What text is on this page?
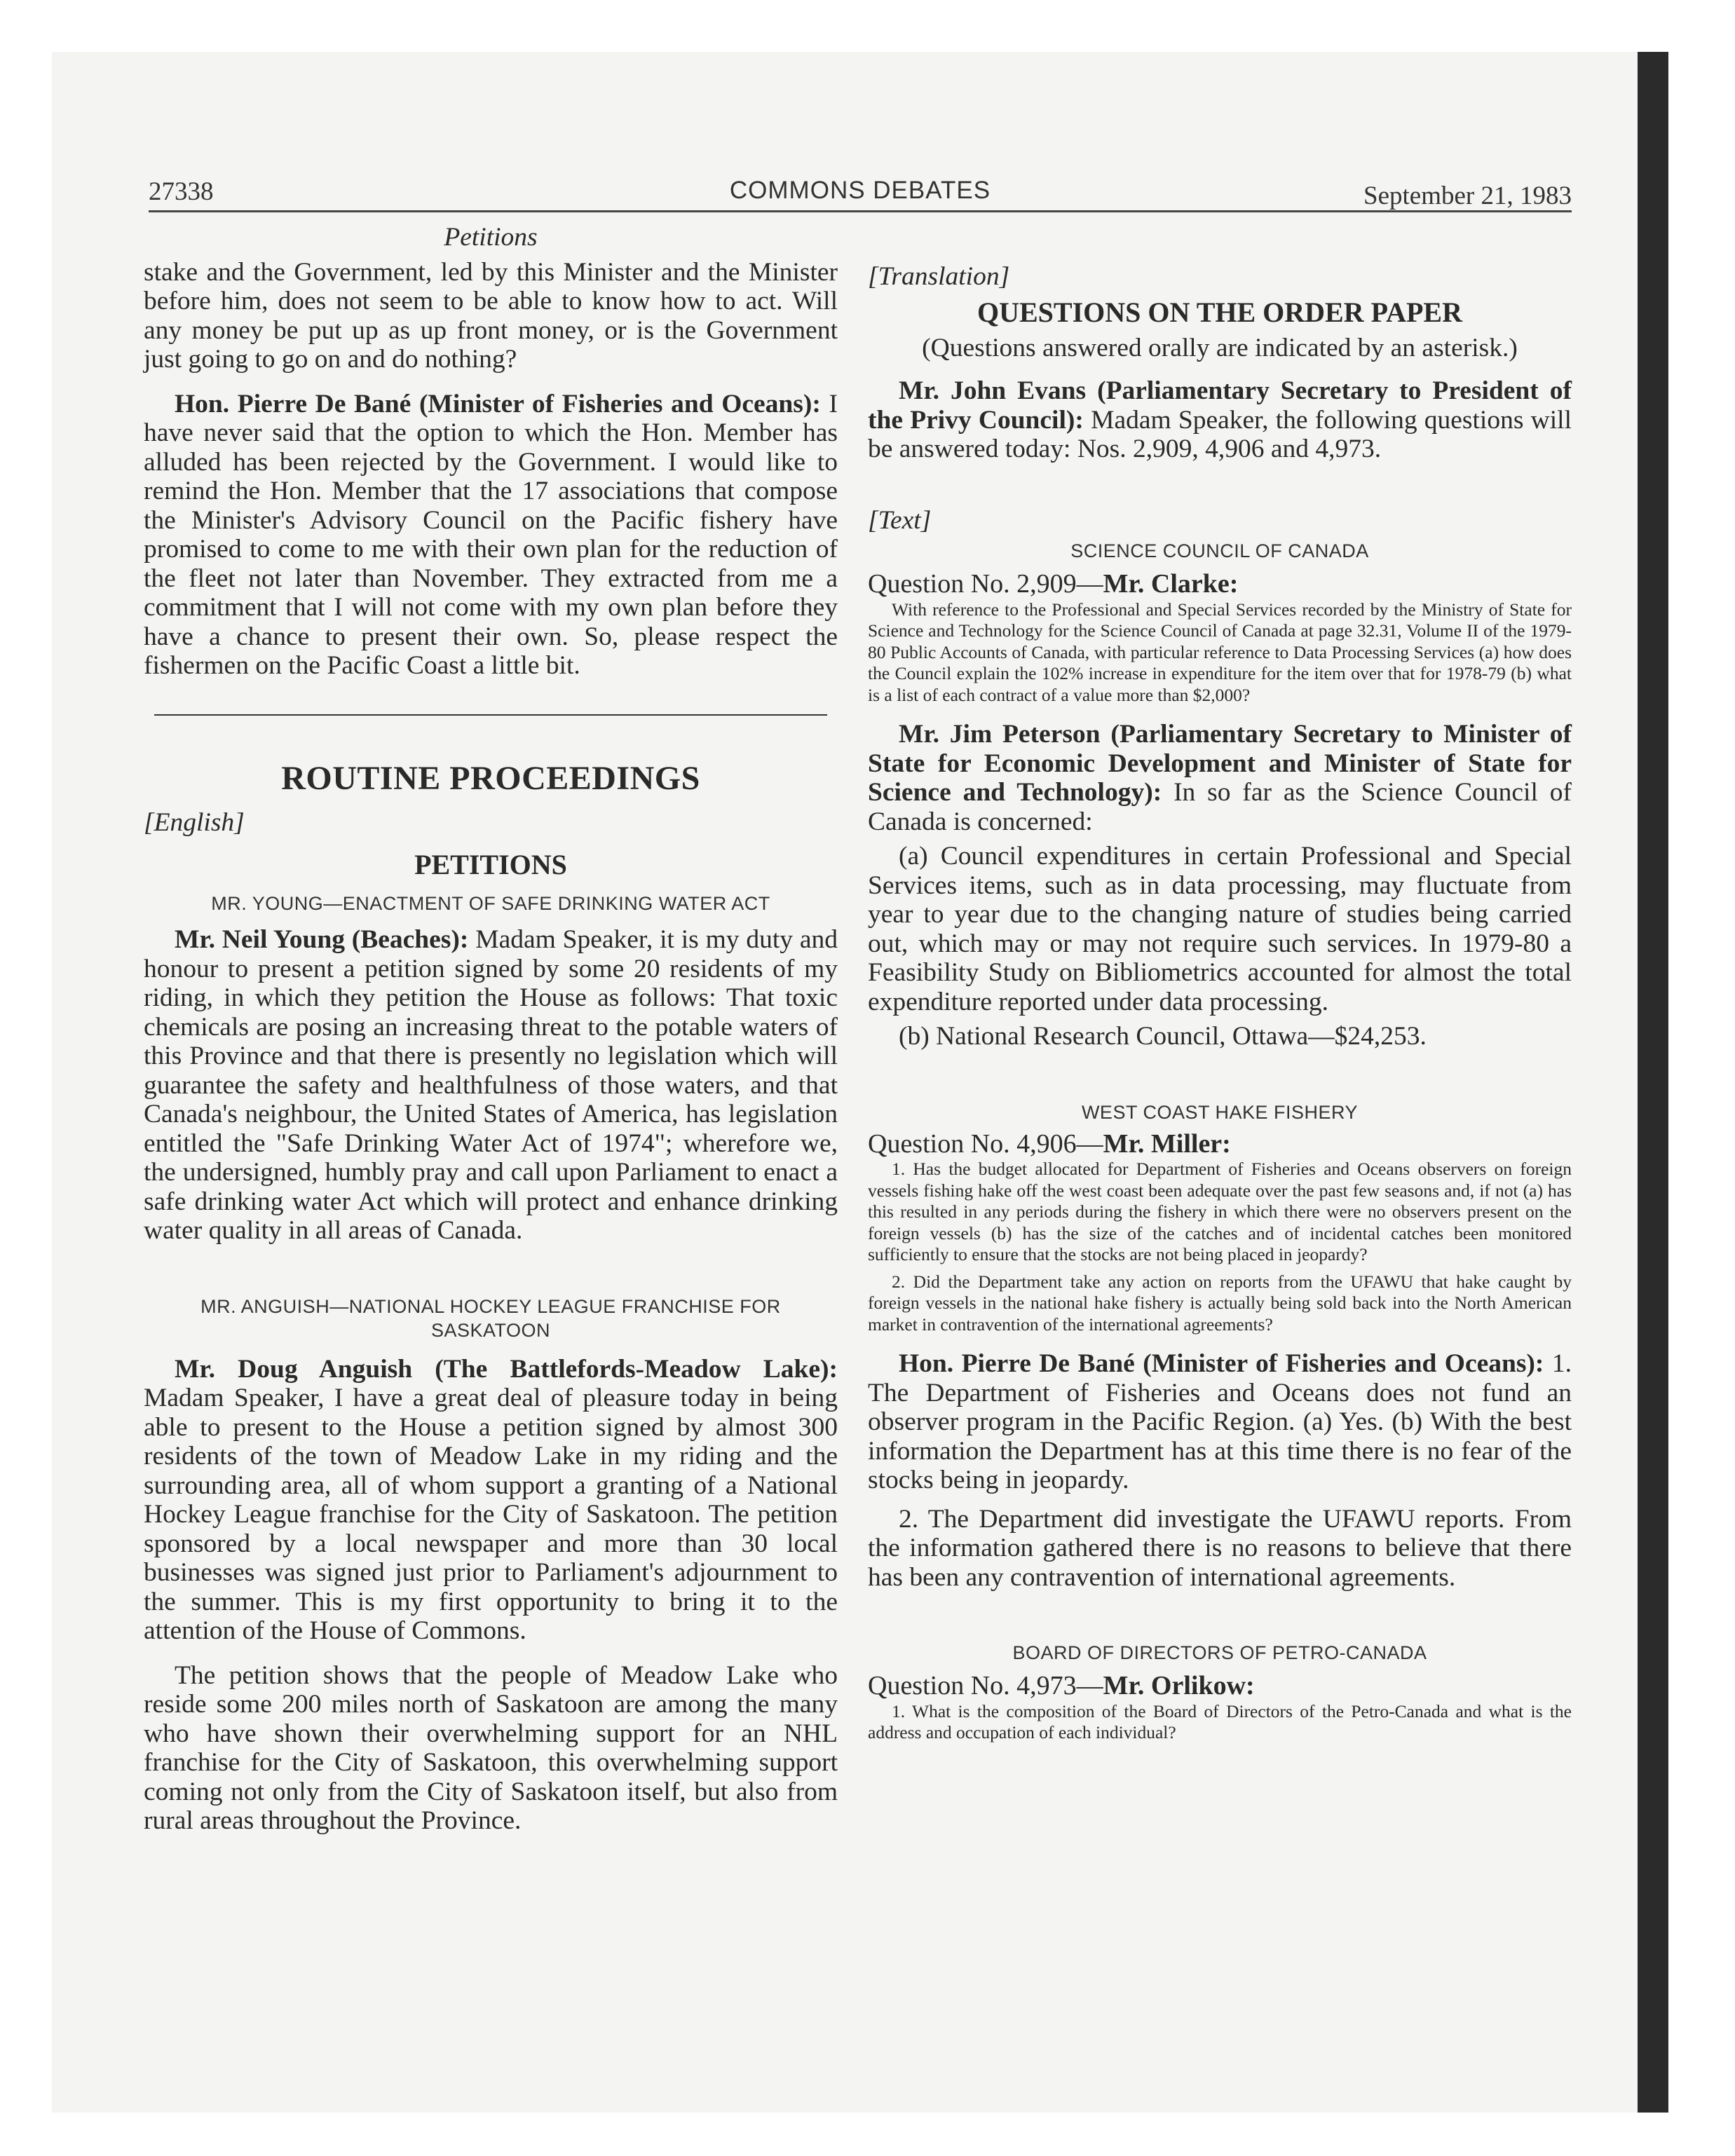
27338	COMMONS DEBATES	September 21, 1983

Petitions

stake and the Government, led by this Minister and the Minister before him, does not seem to be able to know how to act. Will any money be put up as up front money, or is the Government just going to go on and do nothing?

Hon. Pierre De Bané (Minister of Fisheries and Oceans): I have never said that the option to which the Hon. Member has alluded has been rejected by the Government. I would like to remind the Hon. Member that the 17 associations that compose the Minister's Advisory Council on the Pacific fishery have promised to come to me with their own plan for the reduction of the fleet not later than November. They extracted from me a commitment that I will not come with my own plan before they have a chance to present their own. So, please respect the fishermen on the Pacific Coast a little bit.

ROUTINE PROCEEDINGS

[English]

PETITIONS

MR. YOUNG—ENACTMENT OF SAFE DRINKING WATER ACT

Mr. Neil Young (Beaches): Madam Speaker, it is my duty and honour to present a petition signed by some 20 residents of my riding, in which they petition the House as follows: That toxic chemicals are posing an increasing threat to the potable waters of this Province and that there is presently no legislation which will guarantee the safety and healthfulness of those waters, and that Canada's neighbour, the United States of America, has legislation entitled the "Safe Drinking Water Act of 1974"; wherefore we, the undersigned, humbly pray and call upon Parliament to enact a safe drinking water Act which will protect and enhance drinking water quality in all areas of Canada.

MR. ANGUISH—NATIONAL HOCKEY LEAGUE FRANCHISE FOR SASKATOON

Mr. Doug Anguish (The Battlefords-Meadow Lake): Madam Speaker, I have a great deal of pleasure today in being able to present to the House a petition signed by almost 300 residents of the town of Meadow Lake in my riding and the surrounding area, all of whom support a granting of a National Hockey League franchise for the City of Saskatoon. The petition sponsored by a local newspaper and more than 30 local businesses was signed just prior to Parliament's adjournment to the summer. This is my first opportunity to bring it to the attention of the House of Commons.

The petition shows that the people of Meadow Lake who reside some 200 miles north of Saskatoon are among the many who have shown their overwhelming support for an NHL franchise for the City of Saskatoon, this overwhelming support coming not only from the City of Saskatoon itself, but also from rural areas throughout the Province.

[Translation]

QUESTIONS ON THE ORDER PAPER

(Questions answered orally are indicated by an asterisk.)

Mr. John Evans (Parliamentary Secretary to President of the Privy Council): Madam Speaker, the following questions will be answered today: Nos. 2,909, 4,906 and 4,973.

[Text]

SCIENCE COUNCIL OF CANADA

Question No. 2,909—Mr. Clarke:

With reference to the Professional and Special Services recorded by the Ministry of State for Science and Technology for the Science Council of Canada at page 32.31, Volume II of the 1979-80 Public Accounts of Canada, with particular reference to Data Processing Services (a) how does the Council explain the 102% increase in expenditure for the item over that for 1978-79 (b) what is a list of each contract of a value more than $2,000?

Mr. Jim Peterson (Parliamentary Secretary to Minister of State for Economic Development and Minister of State for Science and Technology): In so far as the Science Council of Canada is concerned:

(a) Council expenditures in certain Professional and Special Services items, such as in data processing, may fluctuate from year to year due to the changing nature of studies being carried out, which may or may not require such services. In 1979-80 a Feasibility Study on Bibliometrics accounted for almost the total expenditure reported under data processing.

(b) National Research Council, Ottawa—$24,253.

WEST COAST HAKE FISHERY

Question No. 4,906—Mr. Miller:

1. Has the budget allocated for Department of Fisheries and Oceans observers on foreign vessels fishing hake off the west coast been adequate over the past few seasons and, if not (a) has this resulted in any periods during the fishery in which there were no observers present on the foreign vessels (b) has the size of the catches and of incidental catches been monitored sufficiently to ensure that the stocks are not being placed in jeopardy?

2. Did the Department take any action on reports from the UFAWU that hake caught by foreign vessels in the national hake fishery is actually being sold back into the North American market in contravention of the international agreements?

Hon. Pierre De Bané (Minister of Fisheries and Oceans): 1. The Department of Fisheries and Oceans does not fund an observer program in the Pacific Region. (a) Yes. (b) With the best information the Department has at this time there is no fear of the stocks being in jeopardy.

2. The Department did investigate the UFAWU reports. From the information gathered there is no reasons to believe that there has been any contravention of international agreements.

BOARD OF DIRECTORS OF PETRO-CANADA

Question No. 4,973—Mr. Orlikow:

1. What is the composition of the Board of Directors of the Petro-Canada and what is the address and occupation of each individual?
